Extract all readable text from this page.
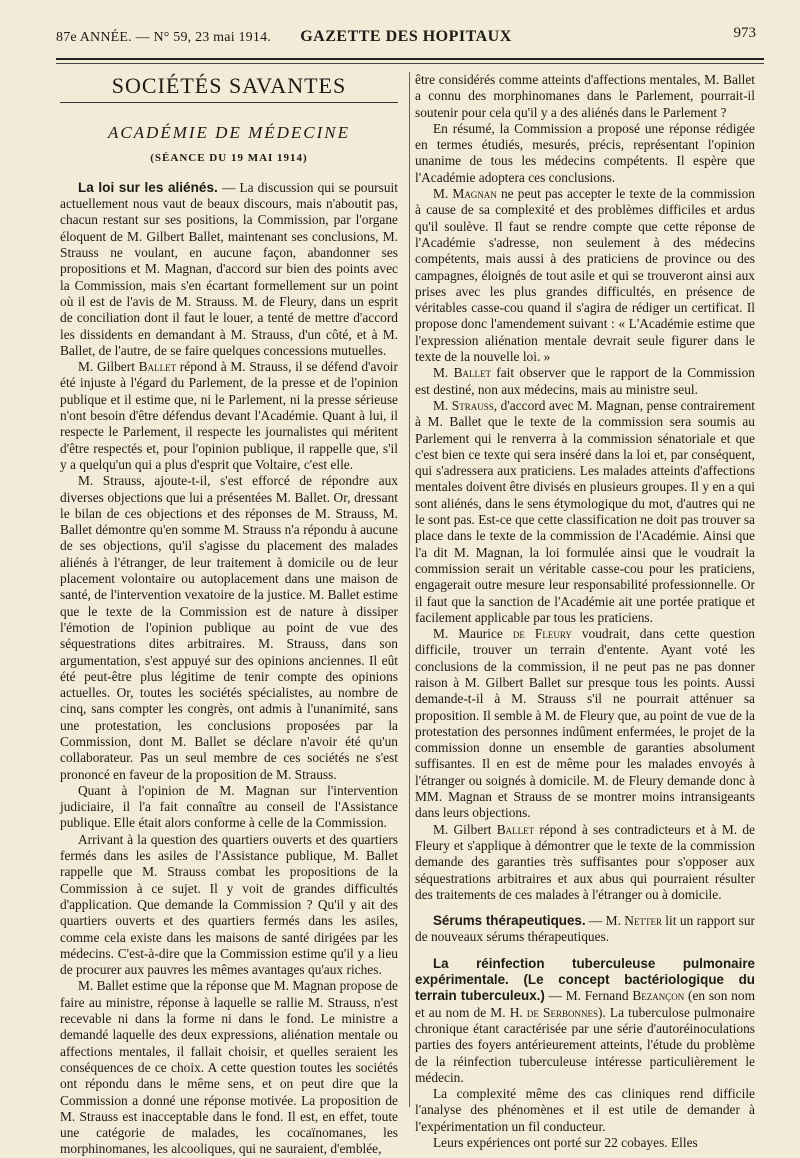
87e ANNÉE. — N° 59, 23 mai 1914.	GAZETTE DES HOPITAUX	973
SOCIÉTÉS SAVANTES
ACADÉMIE DE MÉDECINE
(SÉANCE DU 19 MAI 1914)

La loi sur les aliénés. — La discussion qui se poursuit actuellement nous vaut de beaux discours, mais n'aboutit pas, chacun restant sur ses positions, la Commission, par l'organe éloquent de M. Gilbert Ballet, maintenant ses conclusions, M. Strauss ne voulant, en aucune façon, abandonner ses propositions et M. Magnan, d'accord sur bien des points avec la Commission, mais s'en écartant formellement sur un point où il est de l'avis de M. Strauss. M. de Fleury, dans un esprit de conciliation dont il faut le louer, a tenté de mettre d'accord les dissidents en demandant à M. Strauss, d'un côté, et à M. Ballet, de l'autre, de se faire quelques concessions mutuelles.

M. Gilbert Ballet répond à M. Strauss, il se défend d'avoir été injuste à l'égard du Parlement, de la presse et de l'opinion publique et il estime que, ni le Parlement, ni la presse sérieuse n'ont besoin d'être défendus devant l'Académie. Quant à lui, il respecte le Parlement, il respecte les journalistes qui méritent d'être respectés et, pour l'opinion publique, il rappelle que, s'il y a quelqu'un qui a plus d'esprit que Voltaire, c'est elle.

M. Strauss, ajoute-t-il, s'est efforcé de répondre aux diverses objections que lui a présentées M. Ballet. Or, dressant le bilan de ces objections et des réponses de M. Strauss, M. Ballet démontre qu'en somme M. Strauss n'a répondu à aucune de ses objections, qu'il s'agisse du placement des malades aliénés à l'étranger, de leur traitement à domicile ou de leur placement volontaire ou autoplacement dans une maison de santé, de l'intervention vexatoire de la justice. M. Ballet estime que le texte de la Commission est de nature à dissiper l'émotion de l'opinion publique au point de vue des séquestrations dites arbitraires. M. Strauss, dans son argumentation, s'est appuyé sur des opinions anciennes. Il eût été peut-être plus légitime de tenir compte des opinions actuelles. Or, toutes les sociétés spécialistes, au nombre de cinq, sans compter les congrès, ont admis à l'unanimité, sans une protestation, les conclusions proposées par la Commission, dont M. Ballet se déclare n'avoir été qu'un collaborateur. Pas un seul membre de ces sociétés ne s'est prononcé en faveur de la proposition de M. Strauss.

Quant à l'opinion de M. Magnan sur l'intervention judiciaire, il l'a fait connaître au conseil de l'Assistance publique. Elle était alors conforme à celle de la Commission.

Arrivant à la question des quartiers ouverts et des quartiers fermés dans les asiles de l'Assistance publique, M. Ballet rappelle que M. Strauss combat les propositions de la Commission à ce sujet. Il y voit de grandes difficultés d'application. Que demande la Commission ? Qu'il y ait des quartiers ouverts et des quartiers fermés dans les asiles, comme cela existe dans les maisons de santé dirigées par les médecins. C'est-à-dire que la Commission estime qu'il y a lieu de procurer aux pauvres les mêmes avantages qu'aux riches.

M. Ballet estime que la réponse que M. Magnan propose de faire au ministre, réponse à laquelle se rallie M. Strauss, n'est recevable ni dans la forme ni dans le fond. Le ministre a demandé laquelle des deux expressions, aliénation mentale ou affections mentales, il fallait choisir, et quelles seraient les conséquences de ce choix. A cette question toutes les sociétés ont répondu dans le même sens, et on peut dire que la Commission a donné une réponse motivée. La proposition de M. Strauss est inacceptable dans le fond. Il est, en effet, toute une catégorie de malades, les cocaïnomanes, les morphinomanes, les alcooliques, qui ne sauraient, d'emblée,

être considérés comme atteints d'affections mentales, M. Ballet a connu des morphinomanes dans le Parlement, pourrait-il soutenir pour cela qu'il y a des aliénés dans le Parlement ?

En résumé, la Commission a proposé une réponse rédigée en termes étudiés, mesurés, précis, représentant l'opinion unanime de tous les médecins compétents. Il espère que l'Académie adoptera ces conclusions.

M. Magnan ne peut pas accepter le texte de la commission à cause de sa complexité et des problèmes difficiles et ardus qu'il soulève. Il faut se rendre compte que cette réponse de l'Académie s'adresse, non seulement à des médecins compétents, mais aussi à des praticiens de province ou des campagnes, éloignés de tout asile et qui se trouveront ainsi aux prises avec les plus grandes difficultés, en présence de véritables casse-cou quand il s'agira de rédiger un certificat. Il propose donc l'amendement suivant : « L'Académie estime que l'expression aliénation mentale devrait seule figurer dans le texte de la nouvelle loi. »

M. Ballet fait observer que le rapport de la Commission est destiné, non aux médecins, mais au ministre seul.

M. Strauss, d'accord avec M. Magnan, pense contrairement à M. Ballet que le texte de la commission sera soumis au Parlement qui le renverra à la commission sénatoriale et que c'est bien ce texte qui sera inséré dans la loi et, par conséquent, qui s'adressera aux praticiens. Les malades atteints d'affections mentales doivent être divisés en plusieurs groupes. Il y en a qui sont aliénés, dans le sens étymologique du mot, d'autres qui ne le sont pas. Est-ce que cette classification ne doit pas trouver sa place dans le texte de la commission de l'Académie. Ainsi que l'a dit M. Magnan, la loi formulée ainsi que le voudrait la commission serait un véritable casse-cou pour les praticiens, engagerait outre mesure leur responsabilité professionnelle. Or il faut que la sanction de l'Académie ait une portée pratique et facilement applicable par tous les praticiens.

M. Maurice de Fleury voudrait, dans cette question difficile, trouver un terrain d'entente. Ayant voté les conclusions de la commission, il ne peut pas ne pas donner raison à M. Gilbert Ballet sur presque tous les points. Aussi demande-t-il à M. Strauss s'il ne pourrait atténuer sa proposition. Il semble à M. de Fleury que, au point de vue de la protestation des personnes indûment enfermées, le projet de la commission donne un ensemble de garanties absolument suffisantes. Il en est de même pour les malades envoyés à l'étranger ou soignés à domicile. M. de Fleury demande donc à MM. Magnan et Strauss de se montrer moins intransigeants dans leurs objections.

M. Gilbert Ballet répond à ses contradicteurs et à M. de Fleury et s'applique à démontrer que le texte de la commission demande des garanties très suffisantes pour s'opposer aux séquestrations arbitraires et aux abus qui pourraient résulter des traitements de ces malades à l'étranger ou à domicile.

Sérums thérapeutiques. — M. Netter lit un rapport sur de nouveaux sérums thérapeutiques.

La réinfection tuberculeuse pulmonaire expérimentale. (Le concept bactériologique du terrain tuberculeux.) — M. Fernand Bezançon (en son nom et au nom de M. H. de Serbonnes). La tuberculose pulmonaire chronique étant caractérisée par une série d'autoréinoculations parties des foyers antérieurement atteints, l'étude du problème de la réinfection tuberculeuse intéresse particulièrement le médecin.

La complexité même des cas cliniques rend difficile l'analyse des phénomènes et il est utile de demander à l'expérimentation un fil conducteur.

Leurs expériences ont porté sur 22 cobayes. Elles
